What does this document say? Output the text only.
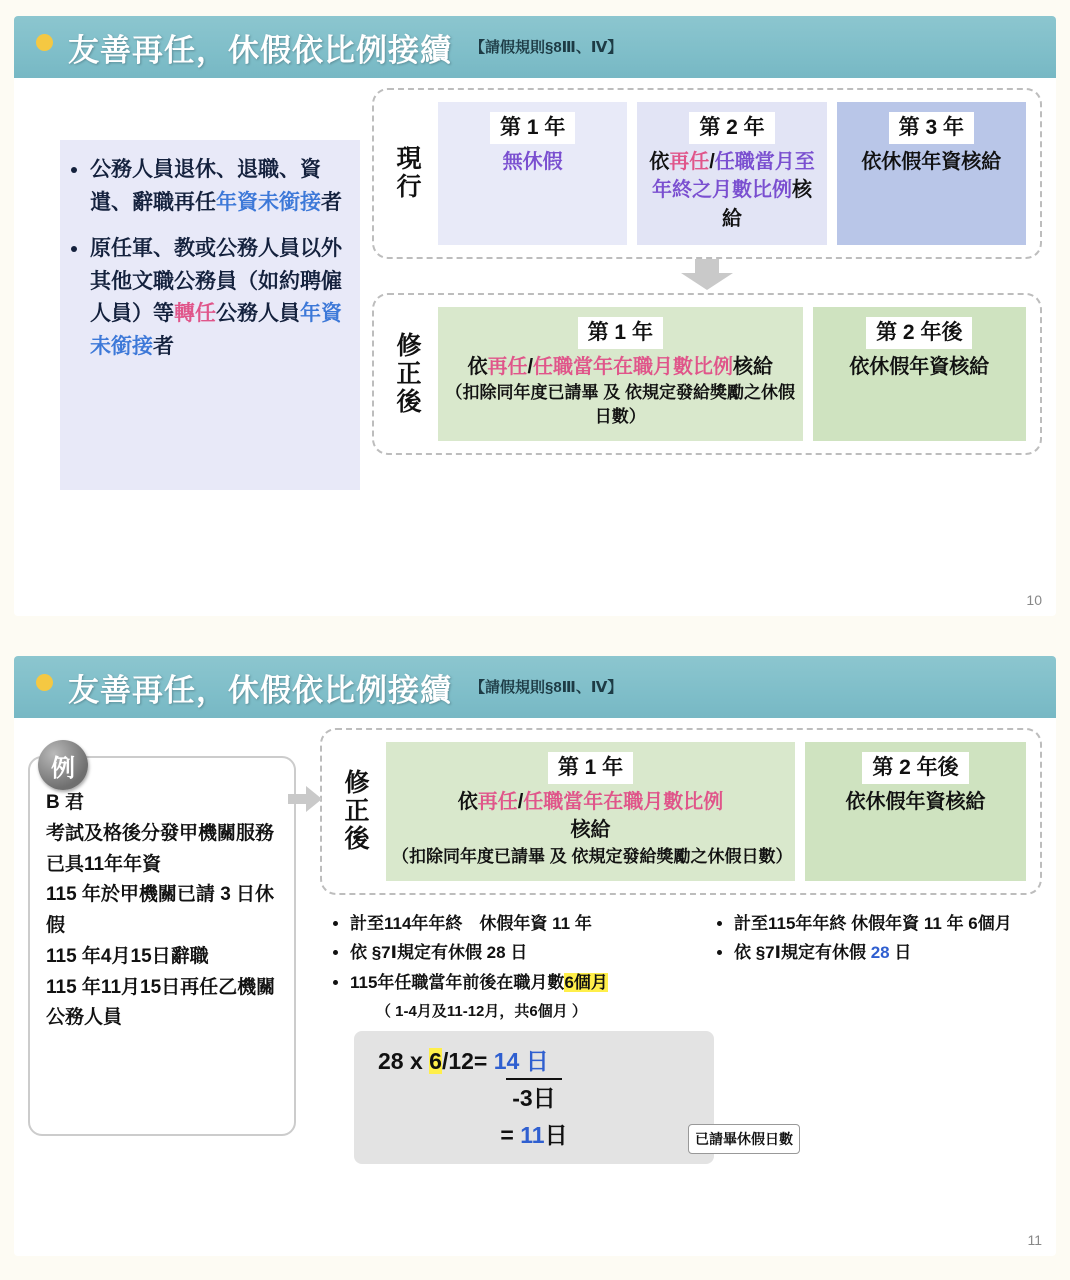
友善再任，休假依比例接續 【請假規則§8Ⅲ、Ⅳ】
• 公務人員退休、退職、資遣、辭職再任年資未銜接者
• 原任軍、教或公務人員以外其他文職公務員（如約聘僱人員）等轉任公務人員年資未銜接者
現行
第 1 年
無休假
第 2 年
依再任/任職當月至年終之月數比例核給
第 3 年
依休假年資核給
修正後
第 1 年
依再任/任職當年在職月數比例核給
（扣除同年度已請畢 及 依規定發給獎勵之休假日數）
第 2 年後
依休假年資核給
10
友善再任，休假依比例接續 【請假規則§8Ⅲ、Ⅳ】
例
B 君
考試及格後分發甲機關服務
已具11年年資
115 年於甲機關已請 3 日休假
115 年4月15日辭職
115 年11月15日再任乙機關公務人員
修正後
第 1 年
依再任/任職當年在職月數比例
核給
（扣除同年度已請畢 及 依規定發給獎勵之休假日數）
第 2 年後
依休假年資核給
• 計至114年年終　休假年資 11 年
• 依 §7Ⅰ規定有休假 28 日
• 115年任職當年前後在職月數6個月
（ 1-4月及11-12月，共6個月 ）
28 x 6/12= 14 日
-3日
已請畢休假日數
= 11日
• 計至115年年終 休假年資 11 年 6個月
• 依 §7Ⅰ規定有休假 28 日
11
